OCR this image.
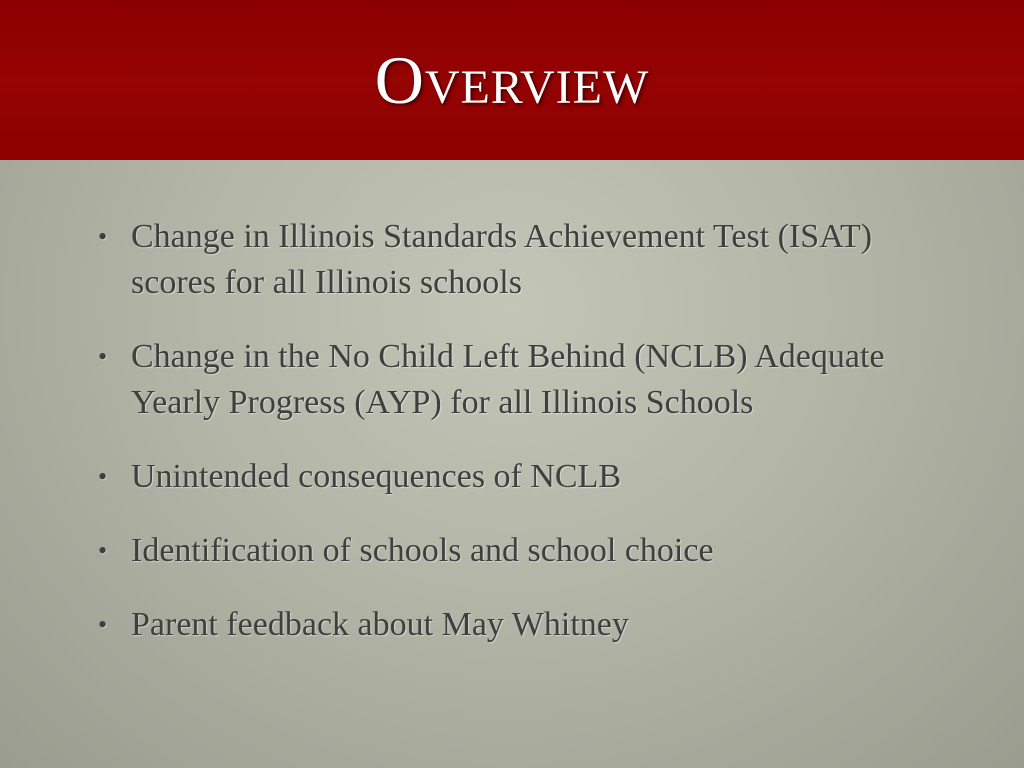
Overview
• Change in Illinois Standards Achievement Test (ISAT) scores for all Illinois schools
• Change in the No Child Left Behind (NCLB) Adequate Yearly Progress (AYP) for all Illinois Schools
• Unintended consequences of NCLB
• Identification of schools and school choice
• Parent feedback about May Whitney
